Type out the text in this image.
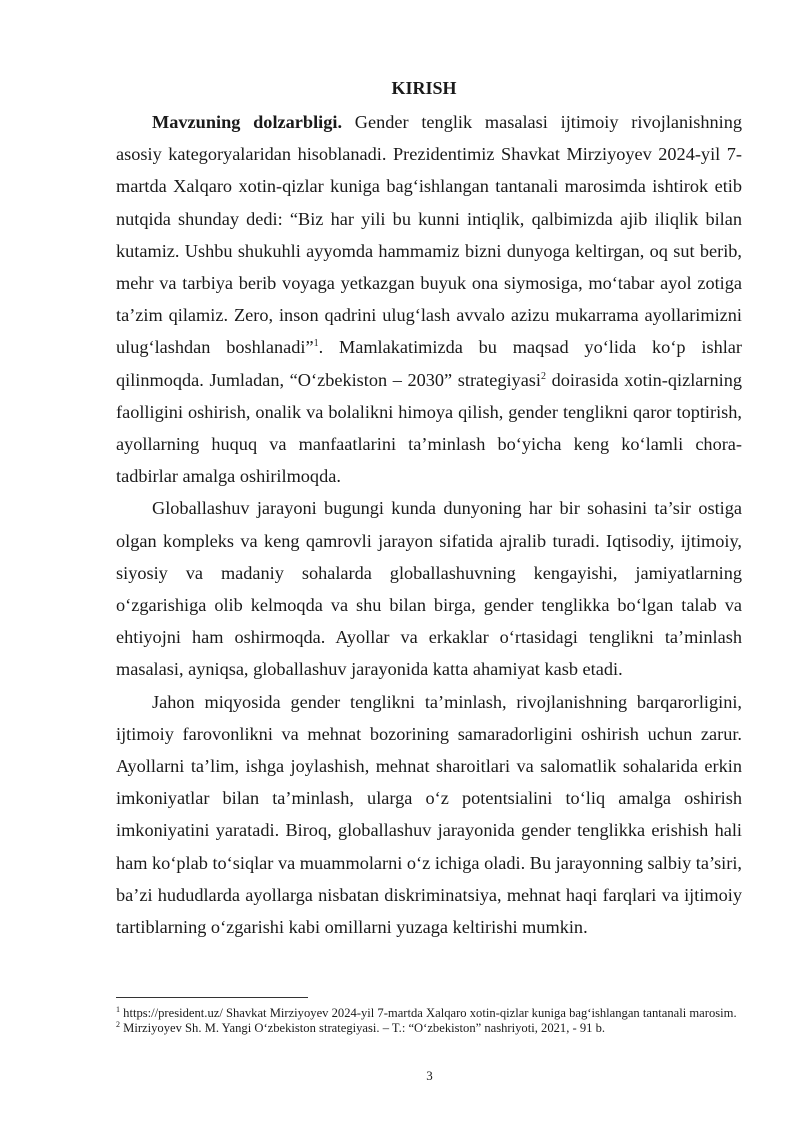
KIRISH

Mavzuning dolzarbligi. Gender tenglik masalasi ijtimoiy rivojlanishning asosiy kategoryalaridan hisoblanadi. Prezidentimiz Shavkat Mirziyoyev 2024-yil 7-martda Xalqaro xotin-qizlar kuniga bag‘ishlangan tantanali marosimda ishtirok etib nutqida shunday dedi: “Biz har yili bu kunni intiqlik, qalbimizda ajib iliqlik bilan kutamiz. Ushbu shukuhli ayyomda hammamiz bizni dunyoga keltirgan, oq sut berib, mehr va tarbiya berib voyaga yetkazgan buyuk ona siymosiga, mo‘tabar ayol zotiga ta’zim qilamiz. Zero, inson qadrini ulug‘lash avvalo azizu mukarrama ayollarimizni ulug‘lashdan boshlanadi”$^1$. Mamlakatimizda bu maqsad yo‘lida ko‘p ishlar qilinmoqda. Jumladan, “O‘zbekiston – 2030” strategiyasi$^2$ doirasida xotin-qizlarning faolligini oshirish, onalik va bolalikni himoya qilish, gender tenglikni qaror toptirish, ayollarning huquq va manfaatlarini ta’minlash bo‘yicha keng ko‘lamli chora-tadbirlar amalga oshirilmoqda.

Globallashuv jarayoni bugungi kunda dunyoning har bir sohasini ta’sir ostiga olgan kompleks va keng qamrovli jarayon sifatida ajralib turadi. Iqtisodiy, ijtimoiy, siyosiy va madaniy sohalarda globallashuvning kengayishi, jamiyatlarning o‘zgarishiga olib kelmoqda va shu bilan birga, gender tenglikka bo‘lgan talab va ehtiyojni ham oshirmoqda. Ayollar va erkaklar o‘rtasidagi tenglikni ta’minlash masalasi, ayniqsa, globallashuv jarayonida katta ahamiyat kasb etadi.

Jahon miqyosida gender tenglikni ta’minlash, rivojlanishning barqarorligini, ijtimoiy farovonlikni va mehnat bozorining samaradorligini oshirish uchun zarur. Ayollarni ta’lim, ishga joylashish, mehnat sharoitlari va salomatlik sohalarida erkin imkoniyatlar bilan ta’minlash, ularga o‘z potentsialini to‘liq amalga oshirish imkoniyatini yaratadi. Biroq, globallashuv jarayonida gender tenglikka erishish hali ham ko‘plab to‘siqlar va muammolarni o‘z ichiga oladi. Bu jarayonning salbiy ta’siri, ba’zi hududlarda ayollarga nisbatan diskriminatsiya, mehnat haqi farqlari va ijtimoiy tartiblarning o‘zgarishi kabi omillarni yuzaga keltirishi mumkin.

$^1$ https://president.uz/ Shavkat Mirziyoyev 2024-yil 7-martda Xalqaro xotin-qizlar kuniga bag‘ishlangan tantanali marosim.

$^2$ Mirziyoyev Sh. M. Yangi O‘zbekiston strategiyasi. – T.: “O‘zbekiston” nashriyoti, 2021, - 91 b.

3
